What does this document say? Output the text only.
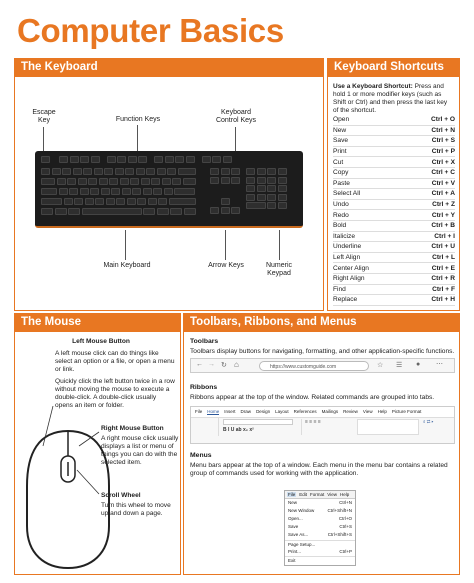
Computer Basics
The Keyboard
Escape Key	Function Keys
Keyboard Control Keys
Main Keyboard	Arrow Keys	Numeric Keypad
Keyboard Shortcuts
Use a Keyboard Shortcut: Press and hold 1 or more modifier keys (such as Shift or Ctrl) and then press the last key of the shortcut.
Open	Ctrl + O
New	Ctrl + N
Save	Ctrl + S
Print	Ctrl + P
Cut	Ctrl + X
Copy	Ctrl + C
Paste	Ctrl + V
Select All	Ctrl + A
Undo	Ctrl + Z
Redo	Ctrl + Y
Bold	Ctrl + B
Italicize	Ctrl + I
Underline	Ctrl + U
Left Align	Ctrl + L
Center Align	Ctrl + E
Right Align	Ctrl + R
Find	Ctrl + F
Replace	Ctrl + H
The Mouse
Left Mouse Button
A left mouse click can do things like select an option or a file, or open a menu or link.
Quickly click the left button twice in a row without moving the mouse to execute a double-click. A double-click usually opens an item or folder.
Right Mouse Button
A right mouse click usually displays a list or menu of things you can do with the selected item.
Scroll Wheel
Turn this wheel to move up and down a page.
Toolbars, Ribbons, and Menus
Toolbars
Toolbars display buttons for navigating, formatting, and other application-specific functions.
← → ↻ ⌂	https://www.customguide.com	☆ ☰ ● ⋯
Ribbons
Ribbons appear at the top of the window. Related commands are grouped into tabs.
File Home Insert Draw Design Layout References Mailings Review View Help Picture Format
B I U ab x₂ x²
≡ ≡ ≡ ≡	⌕ ⇄ ▸
Menus
Menu bars appear at the top of a window. Each menu in the menu bar contains a related group of commands used for working with the application.
File Edit Format View Help
New	Ctrl+N
New Window	Ctrl+Shift+N
Open...	Ctrl+O
Save	Ctrl+S
Save As...	Ctrl+Shift+S
Page Setup...
Print...	Ctrl+P
Exit
